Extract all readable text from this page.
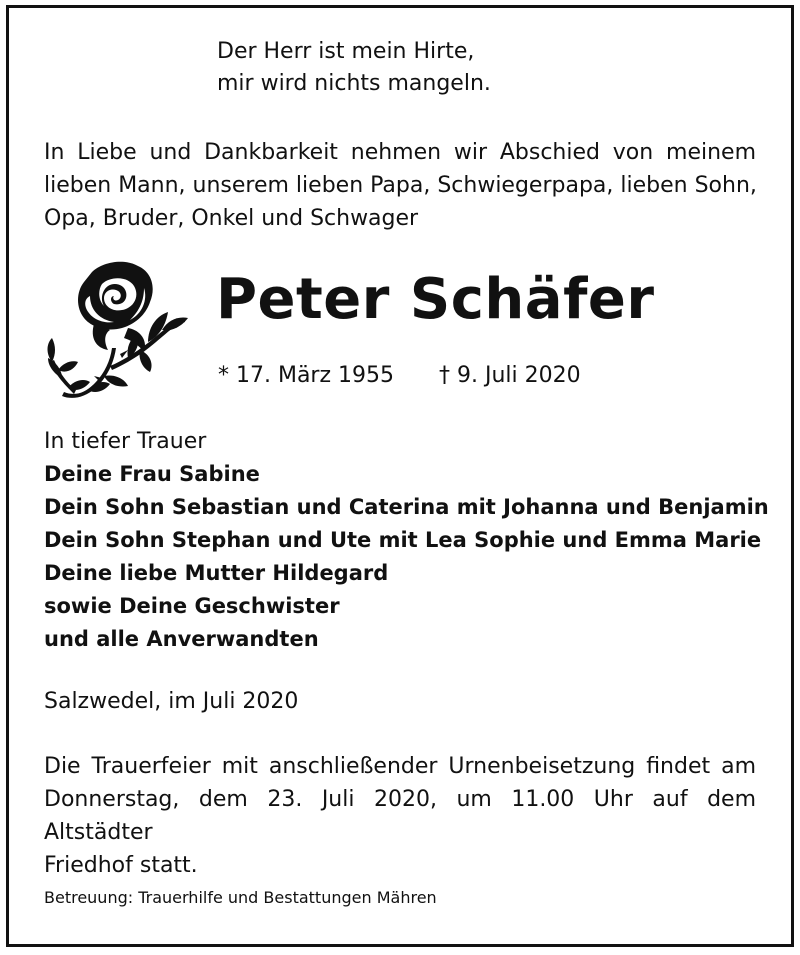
Der Herr ist mein Hirte,
mir wird nichts mangeln.
In Liebe und Dankbarkeit nehmen wir Abschied von meinem
lieben Mann, unserem lieben Papa, Schwiegerpapa, lieben Sohn,
Opa, Bruder, Onkel und Schwager
Peter Schäfer
* 17. März 1955 † 9. Juli 2020
In tiefer Trauer
Deine Frau Sabine
Dein Sohn Sebastian und Caterina mit Johanna und Benjamin
Dein Sohn Stephan und Ute mit Lea Sophie und Emma Marie
Deine liebe Mutter Hildegard
sowie Deine Geschwister
und alle Anverwandten
Salzwedel, im Juli 2020
Die Trauerfeier mit anschließender Urnenbeisetzung findet am
Donnerstag, dem 23. Juli 2020, um 11.00 Uhr auf dem Altstädter
Friedhof statt.
Betreuung: Trauerhilfe und Bestattungen Mähren
